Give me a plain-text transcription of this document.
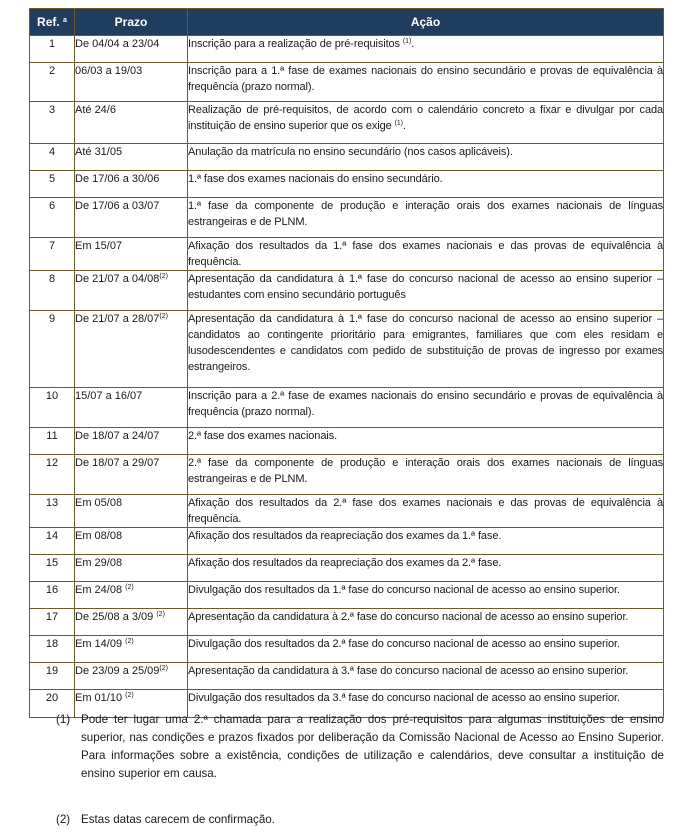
Ref. $^a$	Prazo	Ação
1	De 04/04 a 23/04	Inscrição para a realização de pré-requisitos $^{(1)}$.
2	06/03 a 19/03	Inscrição para a 1.ª fase de exames nacionais do ensino secundário e provas de equivalência à frequência (prazo normal).
3	Até 24/6	Realização de pré-requisitos, de acordo com o calendário concreto a fixar e divulgar por cada instituição de ensino superior que os exige $^{(1)}$.
4	Até 31/05	Anulação da matrícula no ensino secundário (nos casos aplicáveis).
5	De 17/06 a 30/06	1.ª fase dos exames nacionais do ensino secundário.
6	De 17/06 a 03/07	1.ª fase da componente de produção e interação orais dos exames nacionais de línguas estrangeiras e de PLNM.
7	Em 15/07	Afixação dos resultados da 1.ª fase dos exames nacionais e das provas de equivalência à frequência.
8	De 21/07 a 04/08$^{(2)}$	Apresentação da candidatura à 1.ª fase do concurso nacional de acesso ao ensino superior – estudantes com ensino secundário português
9	De 21/07 a 28/07$^{(2)}$	Apresentação da candidatura à 1.ª fase do concurso nacional de acesso ao ensino superior – candidatos ao contingente prioritário para emigrantes, familiares que com eles residam e lusodescendentes e candidatos com pedido de substituição de provas de ingresso por exames estrangeiros.
10	15/07 a 16/07	Inscrição para a 2.ª fase de exames nacionais do ensino secundário e provas de equivalência à frequência (prazo normal).
11	De 18/07 a 24/07	2.ª fase dos exames nacionais.
12	De 18/07 a 29/07	2.ª fase da componente de produção e interação orais dos exames nacionais de línguas estrangeiras e de PLNM.
13	Em 05/08	Afixação dos resultados da 2.ª fase dos exames nacionais e das provas de equivalência à frequência.
14	Em 08/08	Afixação dos resultados da reapreciação dos exames da 1.ª fase.
15	Em 29/08	Afixação dos resultados da reapreciação dos exames da 2.ª fase.
16	Em 24/08 $^{(2)}$	Divulgação dos resultados da 1.ª fase do concurso nacional de acesso ao ensino superior.
17	De 25/08 a 3/09 $^{(2)}$	Apresentação da candidatura à 2.ª fase do concurso nacional de acesso ao ensino superior.
18	Em 14/09 $^{(2)}$	Divulgação dos resultados da 2.ª fase do concurso nacional de acesso ao ensino superior.
19	De 23/09 a 25/09$^{(2)}$	Apresentação da candidatura à 3.ª fase do concurso nacional de acesso ao ensino superior.
20	Em 01/10 $^{(2)}$	Divulgação dos resultados da 3.ª fase do concurso nacional de acesso ao ensino superior.
(1) Pode ter lugar uma 2.ª chamada para a realização dos pré-requisitos para algumas instituições de ensino superior, nas condições e prazos fixados por deliberação da Comissão Nacional de Acesso ao Ensino Superior. Para informações sobre a existência, condições de utilização e calendários, deve consultar a instituição de ensino superior em causa.
(2) Estas datas carecem de confirmação.
